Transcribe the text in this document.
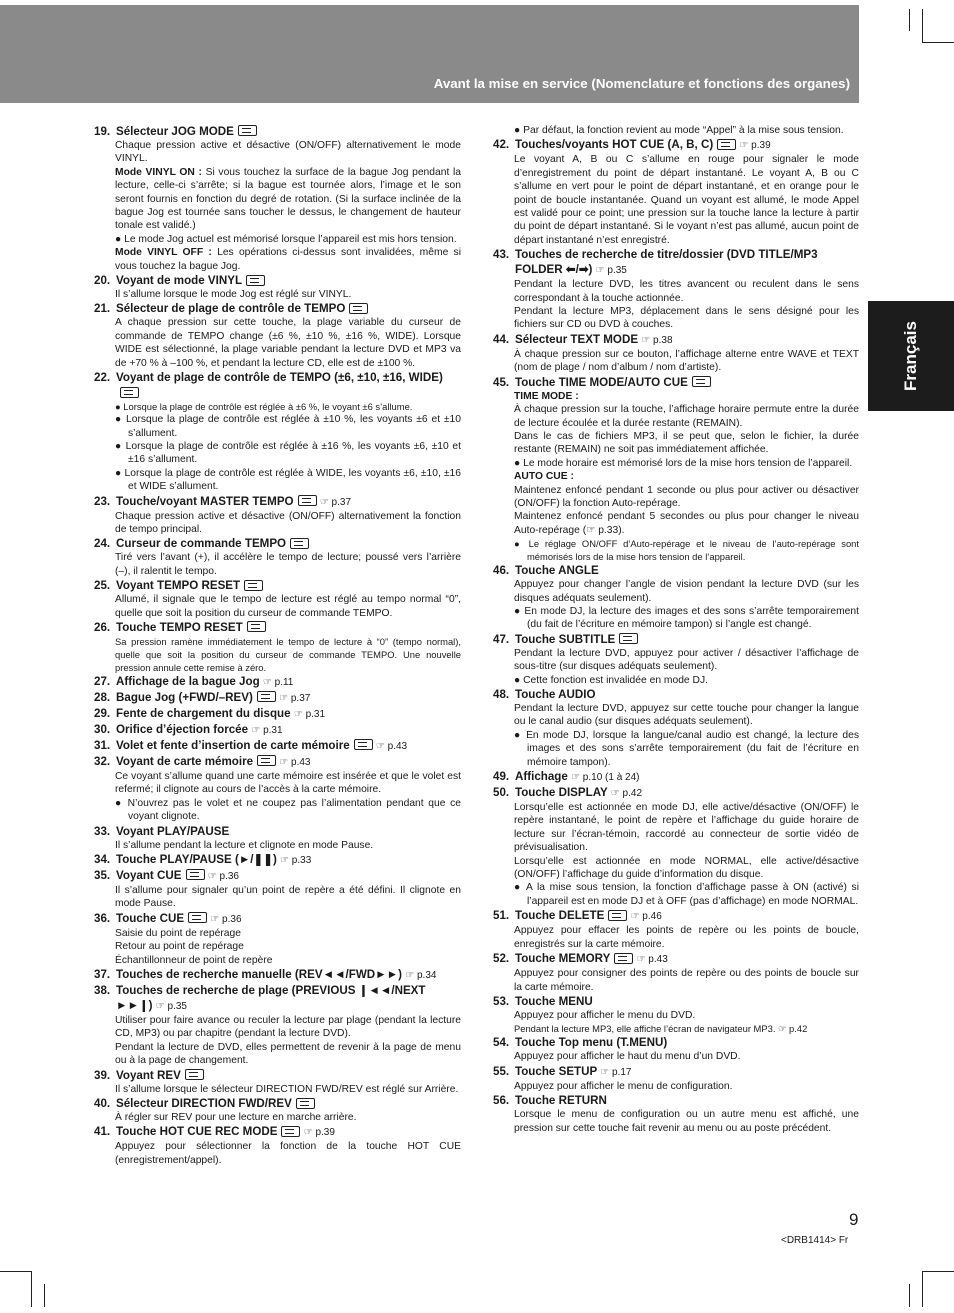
Avant la mise en service (Nomenclature et fonctions des organes)
Français
19. Sélecteur JOG MODE

Chaque pression active et désactive (ON/OFF) alternativement le mode VINYL.

Mode VINYL ON : Si vous touchez la surface de la bague Jog pendant la lecture, celle-ci s’arrête; si la bague est tournée alors, l’image et le son seront fournis en fonction du degré de rotation. (Si la surface inclinée de la bague Jog est tournée sans toucher le dessus, le changement de hauteur tonale est validé.)

● Le mode Jog actuel est mémorisé lorsque l’appareil est mis hors tension.

Mode VINYL OFF : Les opérations ci-dessus sont invalidées, même si vous touchez la bague Jog.

20. Voyant de mode VINYL

Il s’allume lorsque le mode Jog est réglé sur VINYL.

21. Sélecteur de plage de contrôle de TEMPO

A chaque pression sur cette touche, la plage variable du curseur de commande de TEMPO change (±6 %, ±10 %, ±16 %, WIDE). Lorsque WIDE est sélectionné, la plage variable pendant la lecture DVD et MP3 va de +70 % à –100 %, et pendant la lecture CD, elle est de ±100 %.

22. Voyant de plage de contrôle de TEMPO (±6, ±10, ±16, WIDE)

● Lorsque la plage de contrôle est réglée à ±6 %, le voyant ±6 s’allume.

● Lorsque la plage de contrôle est réglée à ±10 %, les voyants ±6 et ±10 s’allument.

● Lorsque la plage de contrôle est réglée à ±16 %, les voyants ±6, ±10 et ±16 s’allument.

● Lorsque la plage de contrôle est réglée à WIDE, les voyants ±6, ±10, ±16 et WIDE s’allument.

23. Touche/voyant MASTER TEMPO	☞ p.37

Chaque pression active et désactive (ON/OFF) alternativement la fonction de tempo principal.

24. Curseur de commande TEMPO

Tiré vers l’avant (+), il accélère le tempo de lecture; poussé vers l’arrière (–), il ralentit le tempo.

25. Voyant TEMPO RESET

Allumé, il signale que le tempo de lecture est réglé au tempo normal “0”, quelle que soit la position du curseur de commande TEMPO.

26. Touche TEMPO RESET

Sa pression ramène immédiatement le tempo de lecture à “0” (tempo normal), quelle que soit la position du curseur de commande TEMPO. Une nouvelle pression annule cette remise à zéro.

27. Affichage de la bague Jog ☞ p.11
28. Bague Jog (+FWD/–REV)	☞ p.37
29. Fente de chargement du disque ☞ p.31
30. Orifice d’éjection forcée ☞ p.31
31. Volet et fente d’insertion de carte mémoire	☞ p.43
32. Voyant de carte mémoire	☞ p.43

Ce voyant s’allume quand une carte mémoire est insérée et que le volet est refermé; il clignote au cours de l’accès à la carte mémoire.

● N’ouvrez pas le volet et ne coupez pas l’alimentation pendant que ce voyant clignote.

33. Voyant PLAY/PAUSE

Il s’allume pendant la lecture et clignote en mode Pause.

34. Touche PLAY/PAUSE (►/❚❚) ☞ p.33
35. Voyant CUE	☞ p.36

Il s’allume pour signaler qu’un point de repère a été défini. Il clignote en mode Pause.

36. Touche CUE	☞ p.36

Saisie du point de repérage

Retour au point de repérage

Échantillonneur de point de repère

37. Touches de recherche manuelle (REV◄◄/FWD►►) ☞ p.34
38. Touches de recherche de plage (PREVIOUS ❙◄◄/NEXT ►►❙) ☞ p.35

Utiliser pour faire avance ou reculer la lecture par plage (pendant la lecture CD, MP3) ou par chapitre (pendant la lecture DVD).

Pendant la lecture de DVD, elles permettent de revenir à la page de menu ou à la page de changement.

39. Voyant REV

Il s’allume lorsque le sélecteur DIRECTION FWD/REV est réglé sur Arrière.

40. Sélecteur DIRECTION FWD/REV

À régler sur REV pour une lecture en marche arrière.

41. Touche HOT CUE REC MODE	☞ p.39

Appuyez pour sélectionner la fonction de la touche HOT CUE (enregistrement/appel).

● Par défaut, la fonction revient au mode “Appel” à la mise sous tension.

42. Touches/voyants HOT CUE (A, B, C)	☞ p.39

Le voyant A, B ou C s’allume en rouge pour signaler le mode d’enregistrement du point de départ instantané. Le voyant A, B ou C s’allume en vert pour le point de départ instantané, et en orange pour le point de boucle instantanée. Quand un voyant est allumé, le mode Appel est validé pour ce point; une pression sur la touche lance la lecture à partir du point de départ instantané. Si le voyant n’est pas allumé, aucun point de départ instantané n’est enregistré.

43. Touches de recherche de titre/dossier (DVD TITLE/MP3 FOLDER ⬅/➡) ☞ p.35

Pendant la lecture DVD, les titres avancent ou reculent dans le sens correspondant à la touche actionnée.

Pendant la lecture MP3, déplacement dans le sens désigné pour les fichiers sur CD ou DVD à couches.

44. Sélecteur TEXT MODE ☞ p.38

À chaque pression sur ce bouton, l’affichage alterne entre WAVE et TEXT (nom de plage / nom d’album / nom d’artiste).

45. Touche TIME MODE/AUTO CUE

TIME MODE :

À chaque pression sur la touche, l’affichage horaire permute entre la durée de lecture écoulée et la durée restante (REMAIN).

Dans le cas de fichiers MP3, il se peut que, selon le fichier, la durée restante (REMAIN) ne soit pas immédiatement affichée.

● Le mode horaire est mémorisé lors de la mise hors tension de l’appareil.

AUTO CUE :

Maintenez enfoncé pendant 1 seconde ou plus pour activer ou désactiver (ON/OFF) la fonction Auto-repérage.

Maintenez enfoncé pendant 5 secondes ou plus pour changer le niveau Auto-repérage (☞ p.33).

● Le réglage ON/OFF d’Auto-repérage et le niveau de l’auto-repérage sont mémorisés lors de la mise hors tension de l’appareil.

46. Touche ANGLE

Appuyez pour changer l’angle de vision pendant la lecture DVD (sur les disques adéquats seulement).

● En mode DJ, la lecture des images et des sons s’arrête temporairement (du fait de l’écriture en mémoire tampon) si l’angle est changé.

47. Touche SUBTITLE

Pendant la lecture DVD, appuyez pour activer / désactiver l’affichage de sous-titre (sur disques adéquats seulement).

● Cette fonction est invalidée en mode DJ.

48. Touche AUDIO

Pendant la lecture DVD, appuyez sur cette touche pour changer la langue ou le canal audio (sur disques adéquats seulement).

● En mode DJ, lorsque la langue/canal audio est changé, la lecture des images et des sons s’arrête temporairement (du fait de l’écriture en mémoire tampon).

49. Affichage ☞ p.10 (1 à 24)
50. Touche DISPLAY ☞ p.42

Lorsqu’elle est actionnée en mode DJ, elle active/désactive (ON/OFF) le repère instantané, le point de repère et l’affichage du guide horaire de lecture sur l’écran-témoin, raccordé au connecteur de sortie vidéo de prévisualisation.

Lorsqu’elle est actionnée en mode NORMAL, elle active/désactive (ON/OFF) l’affichage du guide d’information du disque.

● A la mise sous tension, la fonction d’affichage passe à ON (activé) si l’appareil est en mode DJ et à OFF (pas d’affichage) en mode NORMAL.

51. Touche DELETE	☞ p.46

Appuyez pour effacer les points de repère ou les points de boucle, enregistrés sur la carte mémoire.

52. Touche MEMORY	☞ p.43

Appuyez pour consigner des points de repère ou des points de boucle sur la carte mémoire.

53. Touche MENU

Appuyez pour afficher le menu du DVD.

Pendant la lecture MP3, elle affiche l’écran de navigateur MP3. ☞ p.42

54. Touche Top menu (T.MENU)

Appuyez pour afficher le haut du menu d’un DVD.

55. Touche SETUP ☞ p.17

Appuyez pour afficher le menu de configuration.

56. Touche RETURN

Lorsque le menu de configuration ou un autre menu est affiché, une pression sur cette touche fait revenir au menu ou au poste précédent.

9
<DRB1414> Fr
